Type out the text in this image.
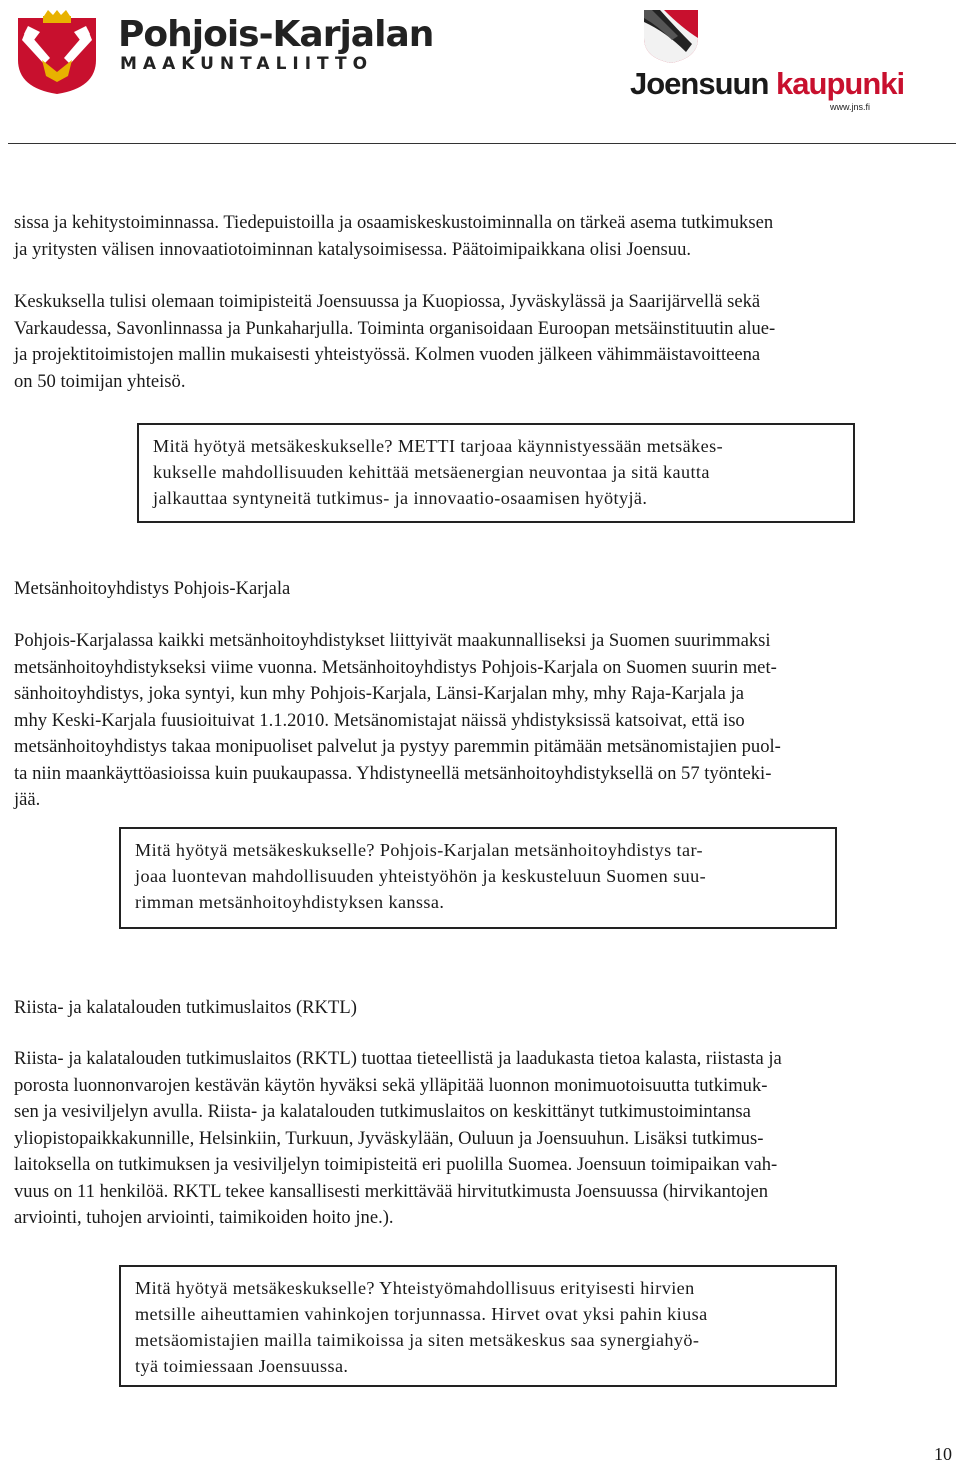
Pohjois-Karjalan
MAAKUNTALIITTO
Joensuun kaupunki
www.jns.fi
sissa ja kehitystoiminnassa. Tiedepuistoilla ja osaamiskeskustoiminnalla on tärkeä asema tutkimuksen
ja yritysten välisen innovaatiotoiminnan katalysoimisessa. Päätoimipaikkana olisi Joensuu.
Keskuksella tulisi olemaan toimipisteitä Joensuussa ja Kuopiossa, Jyväskylässä ja Saarijärvellä sekä
Varkaudessa, Savonlinnassa ja Punkaharjulla. Toiminta organisoidaan Euroopan metsäinstituutin alue-
ja projektitoimistojen mallin mukaisesti yhteistyössä. Kolmen vuoden jälkeen vähimmäistavoitteena
on 50 toimijan yhteisö.
Mitä hyötyä metsäkeskukselle? METTI tarjoaa käynnistyessään metsäkes-
kukselle mahdollisuuden kehittää metsäenergian neuvontaa ja sitä kautta
jalkauttaa syntyneitä tutkimus- ja innovaatio-osaamisen hyötyjä.
Metsänhoitoyhdistys Pohjois-Karjala
Pohjois-Karjalassa kaikki metsänhoitoyhdistykset liittyivät maakunnalliseksi ja Suomen suurimmaksi
metsänhoitoyhdistykseksi viime vuonna. Metsänhoitoyhdistys Pohjois-Karjala on Suomen suurin met-
sänhoitoyhdistys, joka syntyi, kun mhy Pohjois-Karjala, Länsi-Karjalan mhy, mhy Raja-Karjala ja
mhy Keski-Karjala fuusioituivat 1.1.2010. Metsänomistajat näissä yhdistyksissä katsoivat, että iso
metsänhoitoyhdistys takaa monipuoliset palvelut ja pystyy paremmin pitämään metsänomistajien puol-
ta niin maankäyttöasioissa kuin puukaupassa. Yhdistyneellä metsänhoitoyhdistyksellä on 57 työnteki-
jää.
Mitä hyötyä metsäkeskukselle? Pohjois-Karjalan metsänhoitoyhdistys tar-
joaa luontevan mahdollisuuden yhteistyöhön ja keskusteluun Suomen suu-
rimman metsänhoitoyhdistyksen kanssa.
Riista- ja kalatalouden tutkimuslaitos (RKTL)
Riista- ja kalatalouden tutkimuslaitos (RKTL) tuottaa tieteellistä ja laadukasta tietoa kalasta, riistasta ja
porosta luonnonvarojen kestävän käytön hyväksi sekä ylläpitää luonnon monimuotoisuutta tutkimuk-
sen ja vesiviljelyn avulla. Riista- ja kalatalouden tutkimuslaitos on keskittänyt tutkimustoimintansa
yliopistopaikkakunnille, Helsinkiin, Turkuun, Jyväskylään, Ouluun ja Joensuuhun. Lisäksi tutkimus-
laitoksella on tutkimuksen ja vesiviljelyn toimipisteitä eri puolilla Suomea. Joensuun toimipaikan vah-
vuus on 11 henkilöä. RKTL tekee kansallisesti merkittävää hirvitutkimusta Joensuussa (hirvikantojen
arviointi, tuhojen arviointi, taimikoiden hoito jne.).
Mitä hyötyä metsäkeskukselle? Yhteistyömahdollisuus erityisesti hirvien
metsille aiheuttamien vahinkojen torjunnassa. Hirvet ovat yksi pahin kiusa
metsäomistajien mailla taimikoissa ja siten metsäkeskus saa synergiahyö-
tyä toimiessaan Joensuussa.
10
